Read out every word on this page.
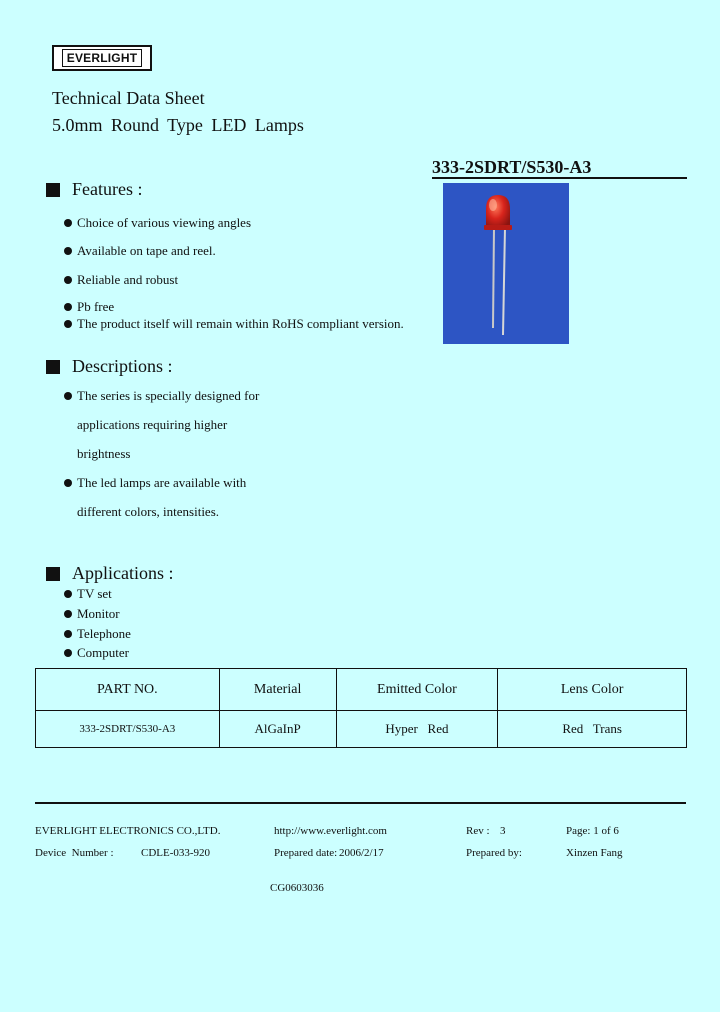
EVERLIGHT
Technical Data Sheet
5.0mm Round Type LED Lamps
333-2SDRT/S530-A3
Features :
Choice of various viewing angles
Available on tape and reel.
Reliable and robust
Pb free
The product itself will remain within RoHS compliant version.
Descriptions :
The series is specially designed for
applications requiring higher
brightness
The led lamps are available with
different colors, intensities.
Applications :
TV set
Monitor
Telephone
Computer
PART NO.	Material	Emitted Color	Lens Color
333-2SDRT/S530-A3	AlGaInP	Hyper   Red	Red   Trans
EVERLIGHT ELECTRONICS CO.,LTD.	http://www.everlight.com	Rev : 3	Page: 1 of 6
Device  Number :	CDLE-033-920	Prepared date: 2006/2/17	Prepared by:	Xinzen Fang
CG0603036
